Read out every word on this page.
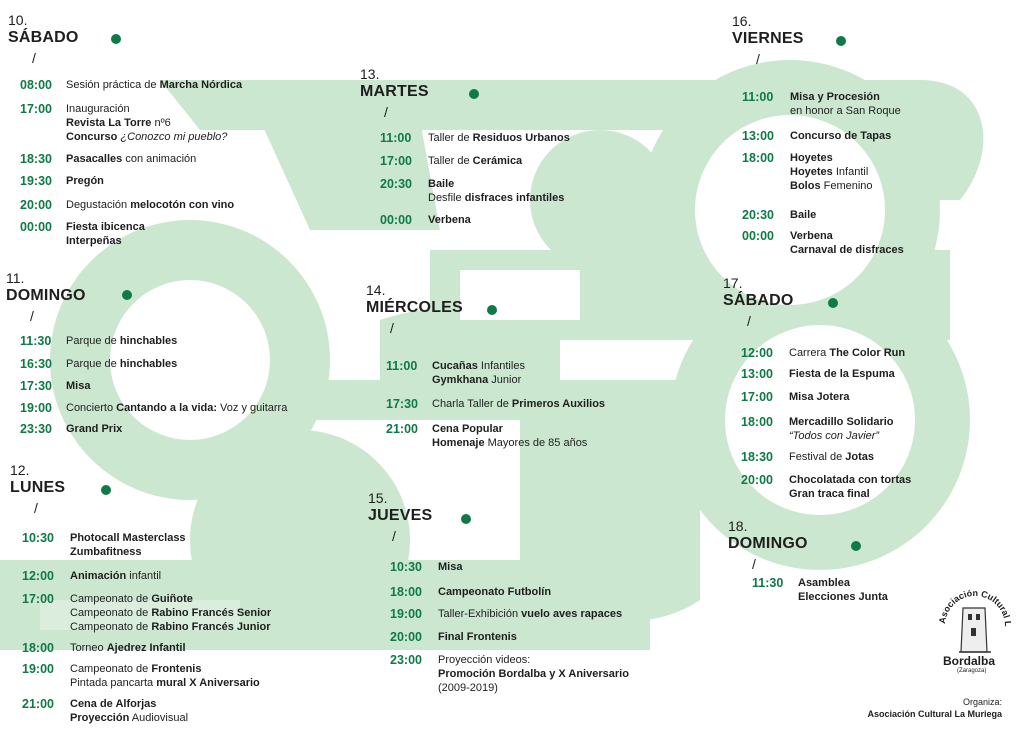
10.
SÁBADO
/
08:00	Sesión práctica de Marcha Nórdica
17:00	Inauguración
Revista La Torre nº6
Concurso ¿Conozco mi pueblo?
18:30	Pasacalles con animación
19:30	Pregón
20:00	Degustación melocotón con vino
00:00	Fiesta ibicenca
Interpeñas
11.
DOMINGO
/
11:30	Parque de hinchables
16:30	Parque de hinchables
17:30	Misa
19:00	Concierto Cantando a la vida: Voz y guitarra
23:30	Grand Prix
12.
LUNES
/
10:30	Photocall Masterclass
Zumbafitness
12:00	Animación infantil
17:00	Campeonato de Guiñote
Campeonato de Rabino Francés Senior
Campeonato de Rabino Francés Junior
18:00	Torneo Ajedrez Infantil
19:00	Campeonato de Frontenis
Pintada pancarta mural X Aniversario
21:00	Cena de Alforjas
Proyección Audiovisual
13.
MARTES
/
11:00	Taller de Residuos Urbanos
17:00	Taller de Cerámica
20:30	Baile
Desfile disfraces infantiles
00:00	Verbena
14.
MIÉRCOLES
/
11:00	Cucañas Infantiles
Gymkhana Junior
17:30	Charla Taller de Primeros Auxilios
21:00	Cena Popular
Homenaje Mayores de 85 años
15.
JUEVES
/
10:30	Misa
18:00	Campeonato Futbolín
19:00	Taller-Exhibición vuelo aves rapaces
20:00	Final Frontenis
23:00	Proyección videos:
Promoción Bordalba y X Aniversario
(2009-2019)
16.
VIERNES
/
11:00	Misa y Procesión
en honor a San Roque
13:00	Concurso de Tapas
18:00	Hoyetes
Hoyetes Infantil
Bolos Femenino
20:30	Baile
00:00	Verbena
Carnaval de disfraces
17.
SÁBADO
/
12:00	Carrera The Color Run
13:00	Fiesta de la Espuma
17:00	Misa Jotera
18:00	Mercadillo Solidario
“Todos con Javier”
18:30	Festival de Jotas
20:00	Chocolatada con tortas
Gran traca final
18.
DOMINGO
/
11:30	Asamblea
Elecciones Junta
Asociación Cultural L
Bordalba
(Zaragoza)
Organiza:
Asociación Cultural La Muriega
